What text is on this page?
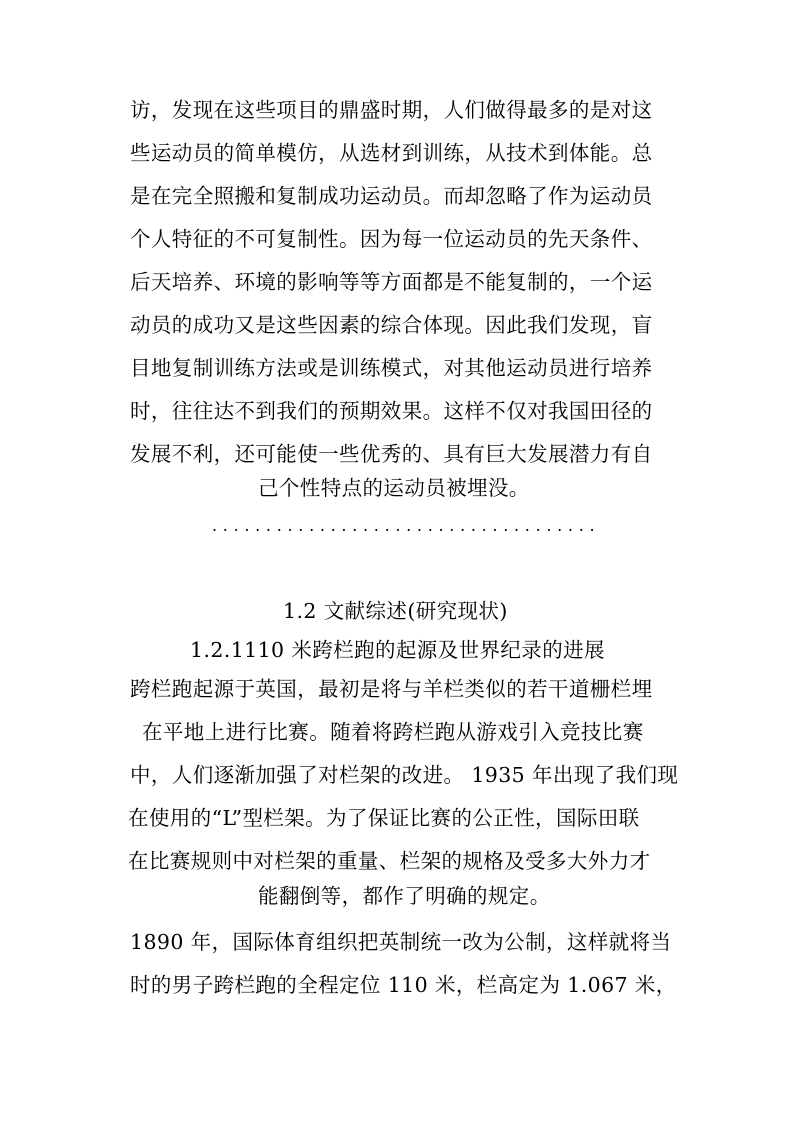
访，发现在这些项目的鼎盛时期，人们做得最多的是对这
些运动员的简单模仿，从选材到训练，从技术到体能。总
是在完全照搬和复制成功运动员。而却忽略了作为运动员
个人特征的不可复制性。因为每一位运动员的先天条件、
后天培养、环境的影响等等方面都是不能复制的，一个运
动员的成功又是这些因素的综合体现。因此我们发现，盲
目地复制训练方法或是训练模式，对其他运动员进行培养
时，往往达不到我们的预期效果。这样不仅对我国田径的
发展不利，还可能使一些优秀的、具有巨大发展潜力有自
己个性特点的运动员被埋没。
....................................
1.2 文献综述(研究现状)
1.2.1110 米跨栏跑的起源及世界纪录的进展
跨栏跑起源于英国，最初是将与羊栏类似的若干道栅栏埋
在平地上进行比赛。随着将跨栏跑从游戏引入竞技比赛
中，人们逐渐加强了对栏架的改进。 1935 年出现了我们现
在使用的“L”型栏架。为了保证比赛的公正性，国际田联
在比赛规则中对栏架的重量、栏架的规格及受多大外力才
能翻倒等，都作了明确的规定。
1890 年，国际体育组织把英制统一改为公制，这样就将当
时的男子跨栏跑的全程定位 110 米，栏高定为 1.067 米，
